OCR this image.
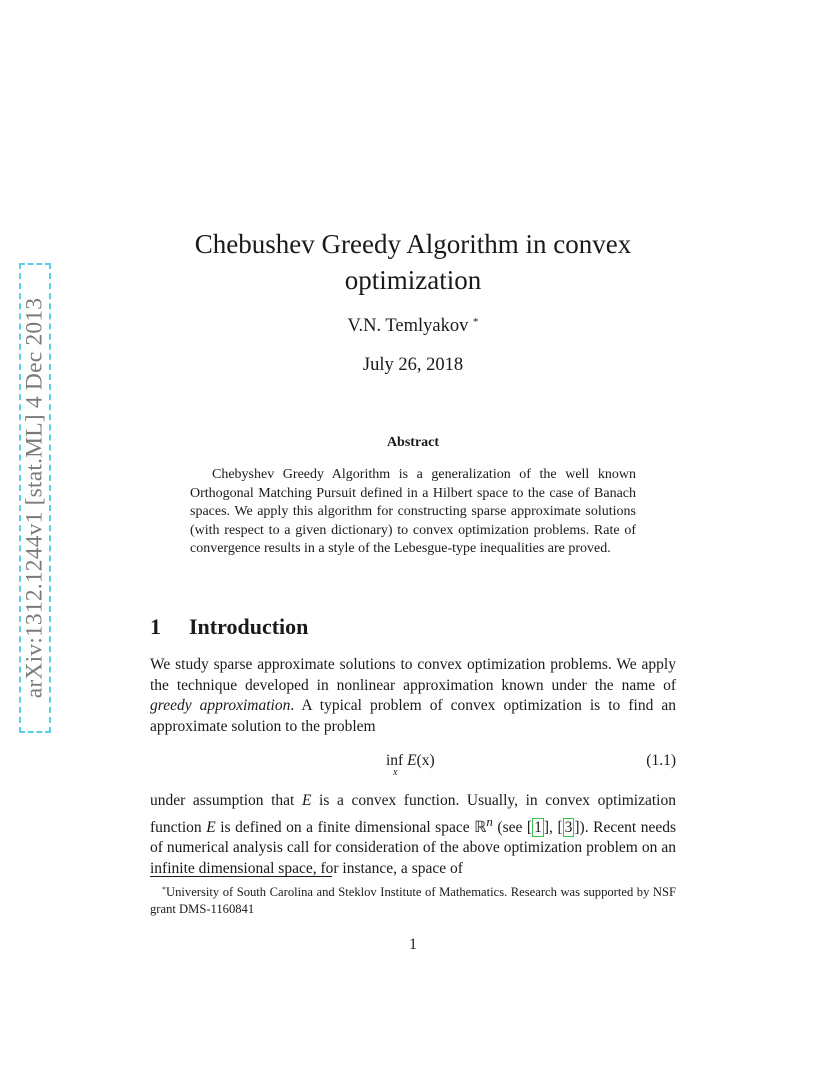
arXiv:1312.1244v1 [stat.ML] 4 Dec 2013
Chebushev Greedy Algorithm in convex
optimization
V.N. Temlyakov *
July 26, 2018
Abstract

Chebyshev Greedy Algorithm is a generalization of the well known Orthogonal Matching Pursuit defined in a Hilbert space to the case of Banach spaces. We apply this algorithm for constructing sparse approximate solutions (with respect to a given dictionary) to convex optimization problems. Rate of convergence results in a style of the Lebesgue-type inequalities are proved.

1 Introduction

We study sparse approximate solutions to convex optimization problems. We apply the technique developed in nonlinear approximation known under the name of greedy approximation. A typical problem of convex optimization is to find an approximate solution to the problem

inf E(x)
x
(1.1)

under assumption that E is a convex function. Usually, in convex optimization function E is defined on a finite dimensional space ℝ$^n$ (see [ 1 ], [ 3 ]). Recent needs of numerical analysis call for consideration of the above optimization problem on an infinite dimensional space, for instance, a space of

*University of South Carolina and Steklov Institute of Mathematics. Research was supported by NSF grant DMS-1160841

1
